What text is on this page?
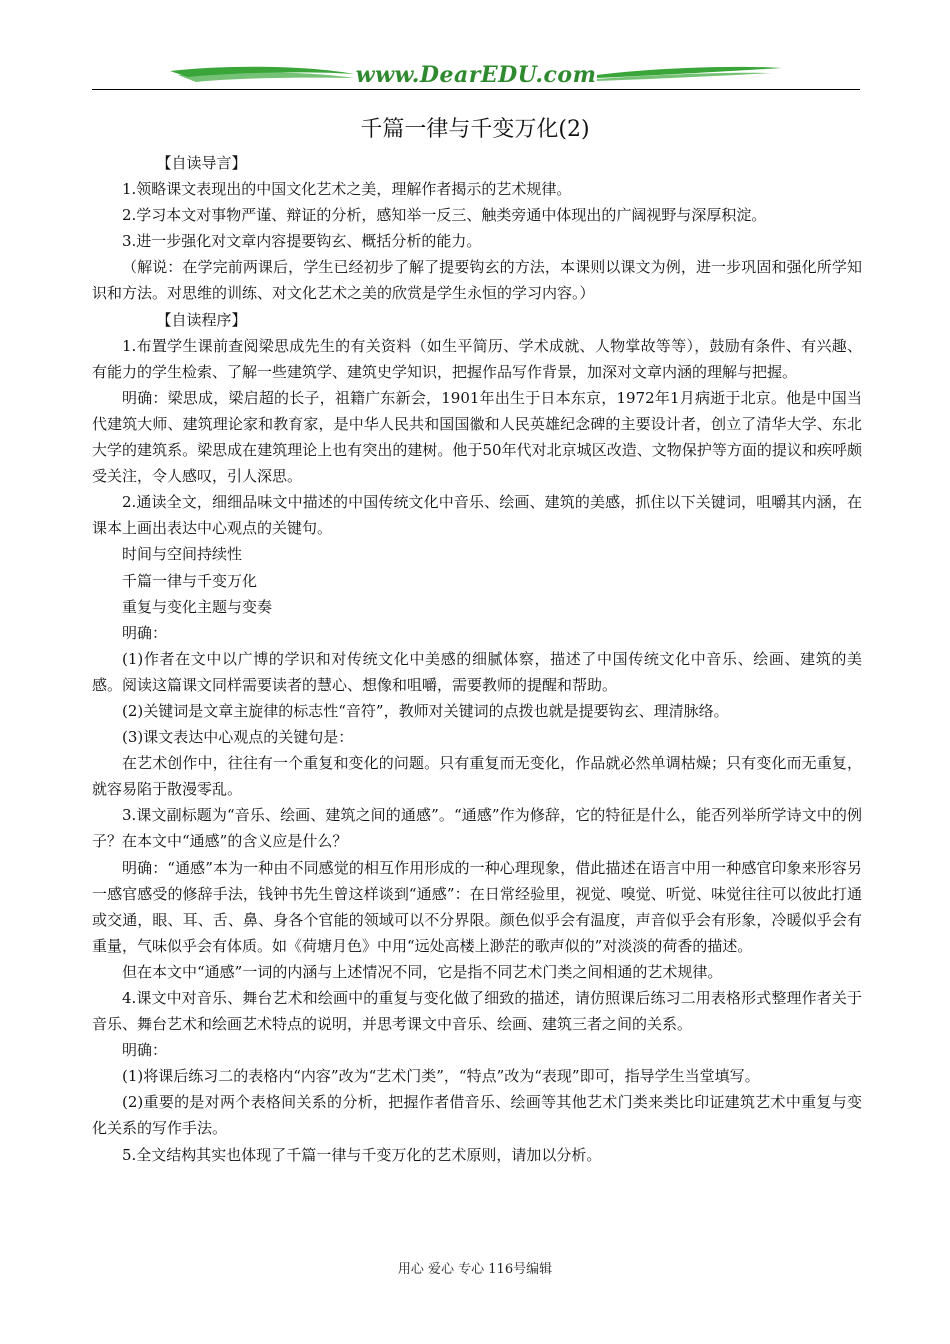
www.DearEDU.com
千篇一律与千变万化(2)

【自读导言】

1.领略课文表现出的中国文化艺术之美，理解作者揭示的艺术规律。

2.学习本文对事物严谨、辩证的分析，感知举一反三、触类旁通中体现出的广阔视野与深厚积淀。

3.进一步强化对文章内容提要钩玄、概括分析的能力。

（解说：在学完前两课后，学生已经初步了解了提要钩玄的方法，本课则以课文为例，进一步巩固和强化所学知识和方法。对思维的训练、对文化艺术之美的欣赏是学生永恒的学习内容。）

【自读程序】

1.布置学生课前查阅梁思成先生的有关资料（如生平简历、学术成就、人物掌故等等），鼓励有条件、有兴趣、有能力的学生检索、了解一些建筑学、建筑史学知识，把握作品写作背景，加深对文章内涵的理解与把握。

明确：梁思成，梁启超的长子，祖籍广东新会，1901年出生于日本东京，1972年1月病逝于北京。他是中国当代建筑大师、建筑理论家和教育家，是中华人民共和国国徽和人民英雄纪念碑的主要设计者，创立了清华大学、东北大学的建筑系。梁思成在建筑理论上也有突出的建树。他于50年代对北京城区改造、文物保护等方面的提议和疾呼颇受关注，令人感叹，引人深思。

2.通读全文，细细品味文中描述的中国传统文化中音乐、绘画、建筑的美感，抓住以下关键词，咀嚼其内涵，在课本上画出表达中心观点的关键句。

时间与空间持续性

千篇一律与千变万化

重复与变化主题与变奏

明确：

(1)作者在文中以广博的学识和对传统文化中美感的细腻体察，描述了中国传统文化中音乐、绘画、建筑的美感。阅读这篇课文同样需要读者的慧心、想像和咀嚼，需要教师的提醒和帮助。

(2)关键词是文章主旋律的标志性“音符”，教师对关键词的点拨也就是提要钩玄、理清脉络。

(3)课文表达中心观点的关键句是：

在艺术创作中，往往有一个重复和变化的问题。只有重复而无变化，作品就必然单调枯燥；只有变化而无重复，就容易陷于散漫零乱。

3.课文副标题为“音乐、绘画、建筑之间的通感”。“通感”作为修辞，它的特征是什么，能否列举所学诗文中的例子？在本文中“通感”的含义应是什么？

明确：“通感”本为一种由不同感觉的相互作用形成的一种心理现象，借此描述在语言中用一种感官印象来形容另一感官感受的修辞手法，钱钟书先生曾这样谈到“通感”：在日常经验里，视觉、嗅觉、听觉、味觉往往可以彼此打通或交通，眼、耳、舌、鼻、身各个官能的领域可以不分界限。颜色似乎会有温度，声音似乎会有形象，冷暖似乎会有重量，气味似乎会有体质。如《荷塘月色》中用“远处高楼上渺茫的歌声似的”对淡淡的荷香的描述。

但在本文中“通感”一词的内涵与上述情况不同，它是指不同艺术门类之间相通的艺术规律。

4.课文中对音乐、舞台艺术和绘画中的重复与变化做了细致的描述，请仿照课后练习二用表格形式整理作者关于音乐、舞台艺术和绘画艺术特点的说明，并思考课文中音乐、绘画、建筑三者之间的关系。

明确：

(1)将课后练习二的表格内“内容”改为“艺术门类”，“特点”改为“表现”即可，指导学生当堂填写。

(2)重要的是对两个表格间关系的分析，把握作者借音乐、绘画等其他艺术门类来类比印证建筑艺术中重复与变化关系的写作手法。

5.全文结构其实也体现了千篇一律与千变万化的艺术原则，请加以分析。

用心 爱心 专心 116号编辑
